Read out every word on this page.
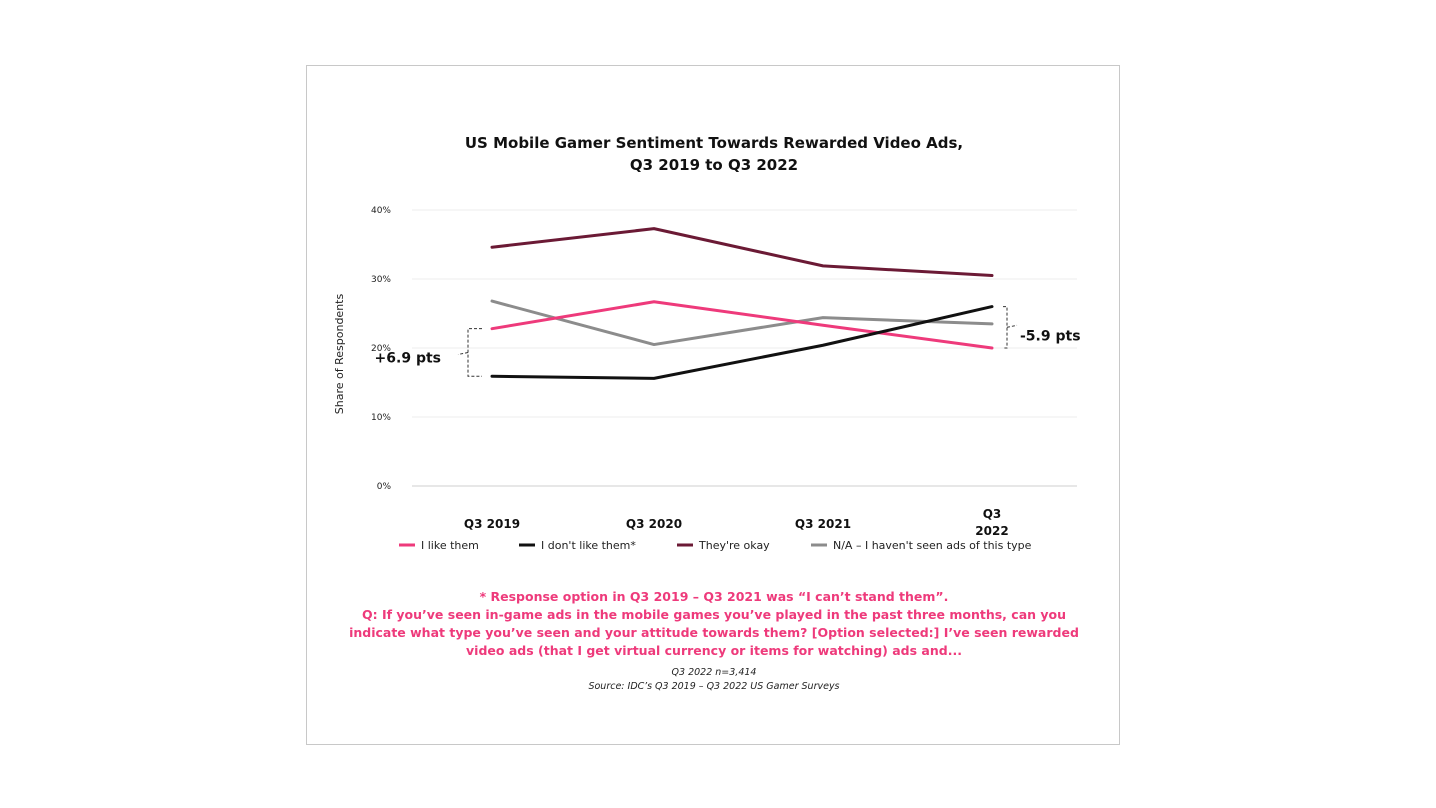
US Mobile Gamer Sentiment Towards Rewarded Video Ads,
Q3 2019 to Q3 2022
0%
10%
20%
30%
40%
Share of Respondents
Q3 2019	Q3 2020	Q3 2021
Q3
2022
+6.9 pts
-5.9 pts
I like them	I don't like them*	They're okay	N/A – I haven't seen ads of this type

* Response option in Q3 2019 – Q3 2021 was “I can’t stand them”.

Q: If you’ve seen in-game ads in the mobile games you’ve played in the past three months, can you indicate what type you’ve seen and your attitude towards them? [Option selected:] I’ve seen rewarded video ads (that I get virtual currency or items for watching) ads and...

Q3 2022 n=3,414

Source: IDC’s Q3 2019 – Q3 2022 US Gamer Surveys
